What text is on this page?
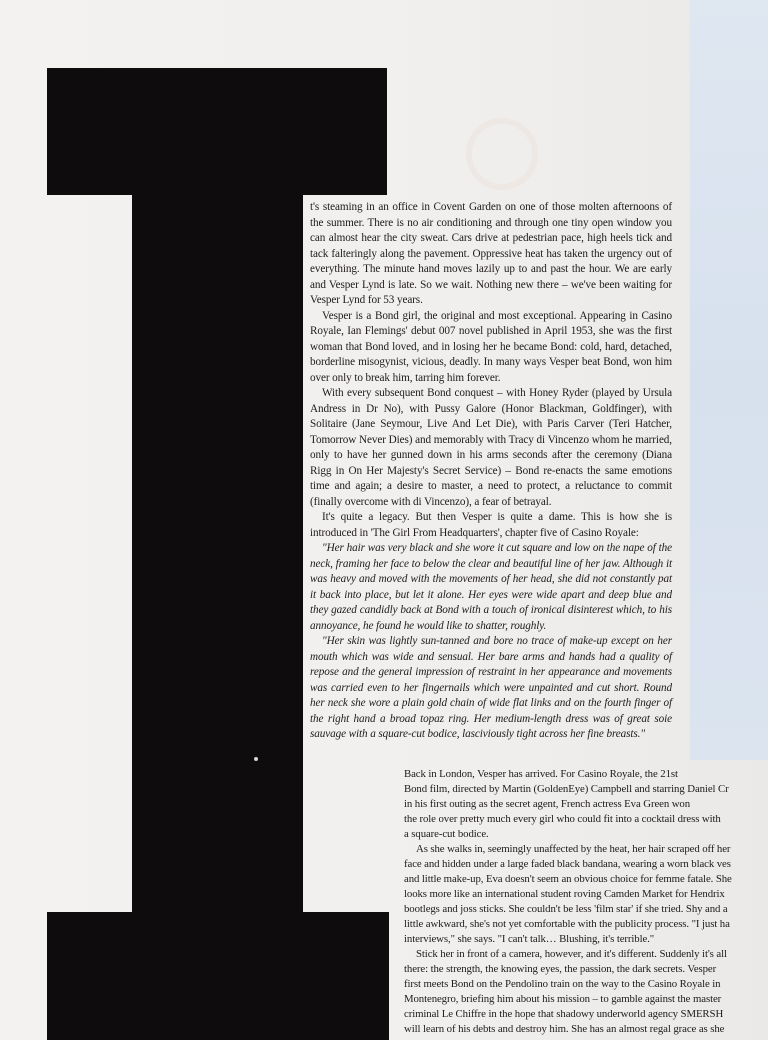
t's steaming in an office in Covent Garden on one of those molten afternoons of the summer. There is no air conditioning and through one tiny open window you can almost hear the city sweat. Cars drive at pedestrian pace, high heels tick and tack falteringly along the pavement. Oppressive heat has taken the urgency out of everything. The minute hand moves lazily up to and past the hour. We are early and Vesper Lynd is late. So we wait. Nothing new there – we've been waiting for Vesper Lynd for 53 years.

Vesper is a Bond girl, the original and most exceptional. Appearing in Casino Royale, Ian Flemings' debut 007 novel published in April 1953, she was the first woman that Bond loved, and in losing her he became Bond: cold, hard, detached, borderline misogynist, vicious, deadly. In many ways Vesper beat Bond, won him over only to break him, tarring him forever.

With every subsequent Bond conquest – with Honey Ryder (played by Ursula Andress in Dr No), with Pussy Galore (Honor Blackman, Goldfinger), with Solitaire (Jane Seymour, Live And Let Die), with Paris Carver (Teri Hatcher, Tomorrow Never Dies) and memorably with Tracy di Vincenzo whom he married, only to have her gunned down in his arms seconds after the ceremony (Diana Rigg in On Her Majesty's Secret Service) – Bond re-enacts the same emotions time and again; a desire to master, a need to protect, a reluctance to commit (finally overcome with di Vincenzo), a fear of betrayal.

It's quite a legacy. But then Vesper is quite a dame. This is how she is introduced in 'The Girl From Headquarters', chapter five of Casino Royale:

"Her hair was very black and she wore it cut square and low on the nape of the neck, framing her face to below the clear and beautiful line of her jaw. Although it was heavy and moved with the movements of her head, she did not constantly pat it back into place, but let it alone. Her eyes were wide apart and deep blue and they gazed candidly back at Bond with a touch of ironical disinterest which, to his annoyance, he found he would like to shatter, roughly.

"Her skin was lightly sun-tanned and bore no trace of make-up except on her mouth which was wide and sensual. Her bare arms and hands had a quality of repose and the general impression of restraint in her appearance and movements was carried even to her fingernails which were unpainted and cut short. Round her neck she wore a plain gold chain of wide flat links and on the fourth finger of the right hand a broad topaz ring. Her medium-length dress was of great soie sauvage with a square-cut bodice, lasciviously tight across her fine breasts."

Back in London, Vesper has arrived. For Casino Royale, the 21st

Bond film, directed by Martin (GoldenEye) Campbell and starring Daniel Cr

in his first outing as the secret agent, French actress Eva Green won

the role over pretty much every girl who could fit into a cocktail dress with

a square-cut bodice.

As she walks in, seemingly unaffected by the heat, her hair scraped off her

face and hidden under a large faded black bandana, wearing a worn black ves

and little make-up, Eva doesn't seem an obvious choice for femme fatale. She

looks more like an international student roving Camden Market for Hendrix

bootlegs and joss sticks. She couldn't be less 'film star' if she tried. Shy and a

little awkward, she's not yet comfortable with the publicity process. "I just ha

interviews," she says. "I can't talk… Blushing, it's terrible."

Stick her in front of a camera, however, and it's different. Suddenly it's all

there: the strength, the knowing eyes, the passion, the dark secrets. Vesper

first meets Bond on the Pendolino train on the way to the Casino Royale in

Montenegro, briefing him about his mission – to gamble against the master

criminal Le Chiffre in the hope that shadowy underworld agency SMERSH

will learn of his debts and destroy him. She has an almost regal grace as she
